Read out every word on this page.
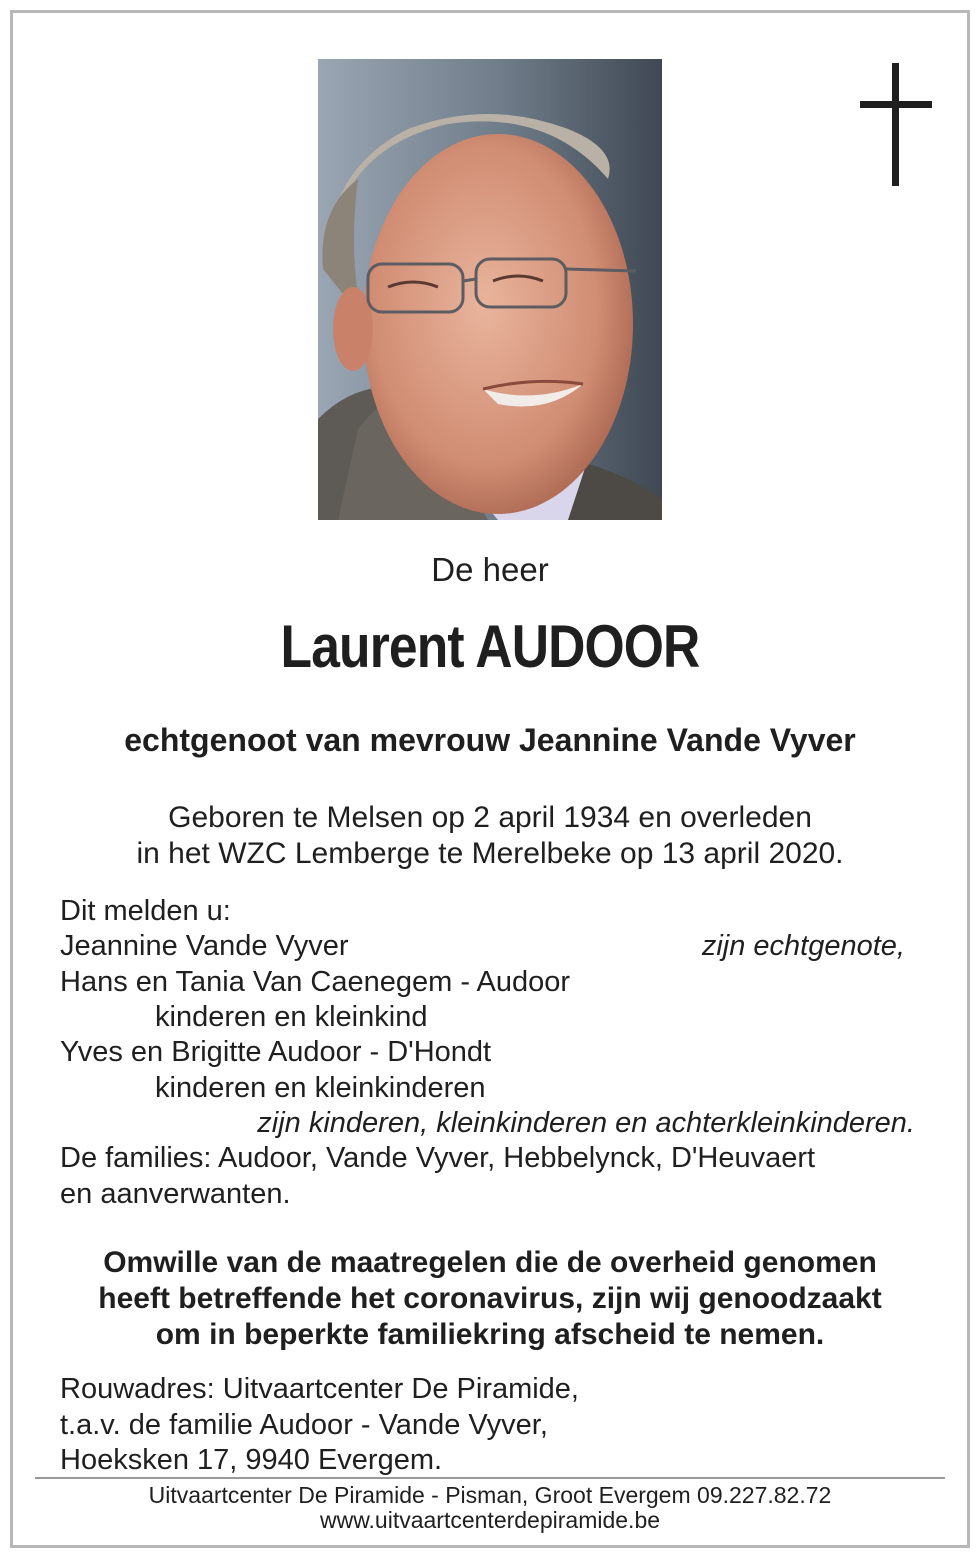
De heer
Laurent AUDOOR
echtgenoot van mevrouw Jeannine Vande Vyver
Geboren te Melsen op 2 april 1934 en overleden
in het WZC Lemberge te Merelbeke op 13 april 2020.
Dit melden u:
Jeannine Vande Vyver	zijn echtgenote,
Hans en Tania Van Caenegem - Audoor
kinderen en kleinkind
Yves en Brigitte Audoor - D'Hondt
kinderen en kleinkinderen
zijn kinderen, kleinkinderen en achterkleinkinderen.
De families: Audoor, Vande Vyver, Hebbelynck, D'Heuvaert
en aanverwanten.
Omwille van de maatregelen die de overheid genomen
heeft betreffende het coronavirus, zijn wij genoodzaakt
om in beperkte familiekring afscheid te nemen.
Rouwadres: Uitvaartcenter De Piramide,
t.a.v. de familie Audoor - Vande Vyver,
Hoeksken 17, 9940 Evergem.
Uitvaartcenter De Piramide - Pisman, Groot Evergem 09.227.82.72
www.uitvaartcenterdepiramide.be
